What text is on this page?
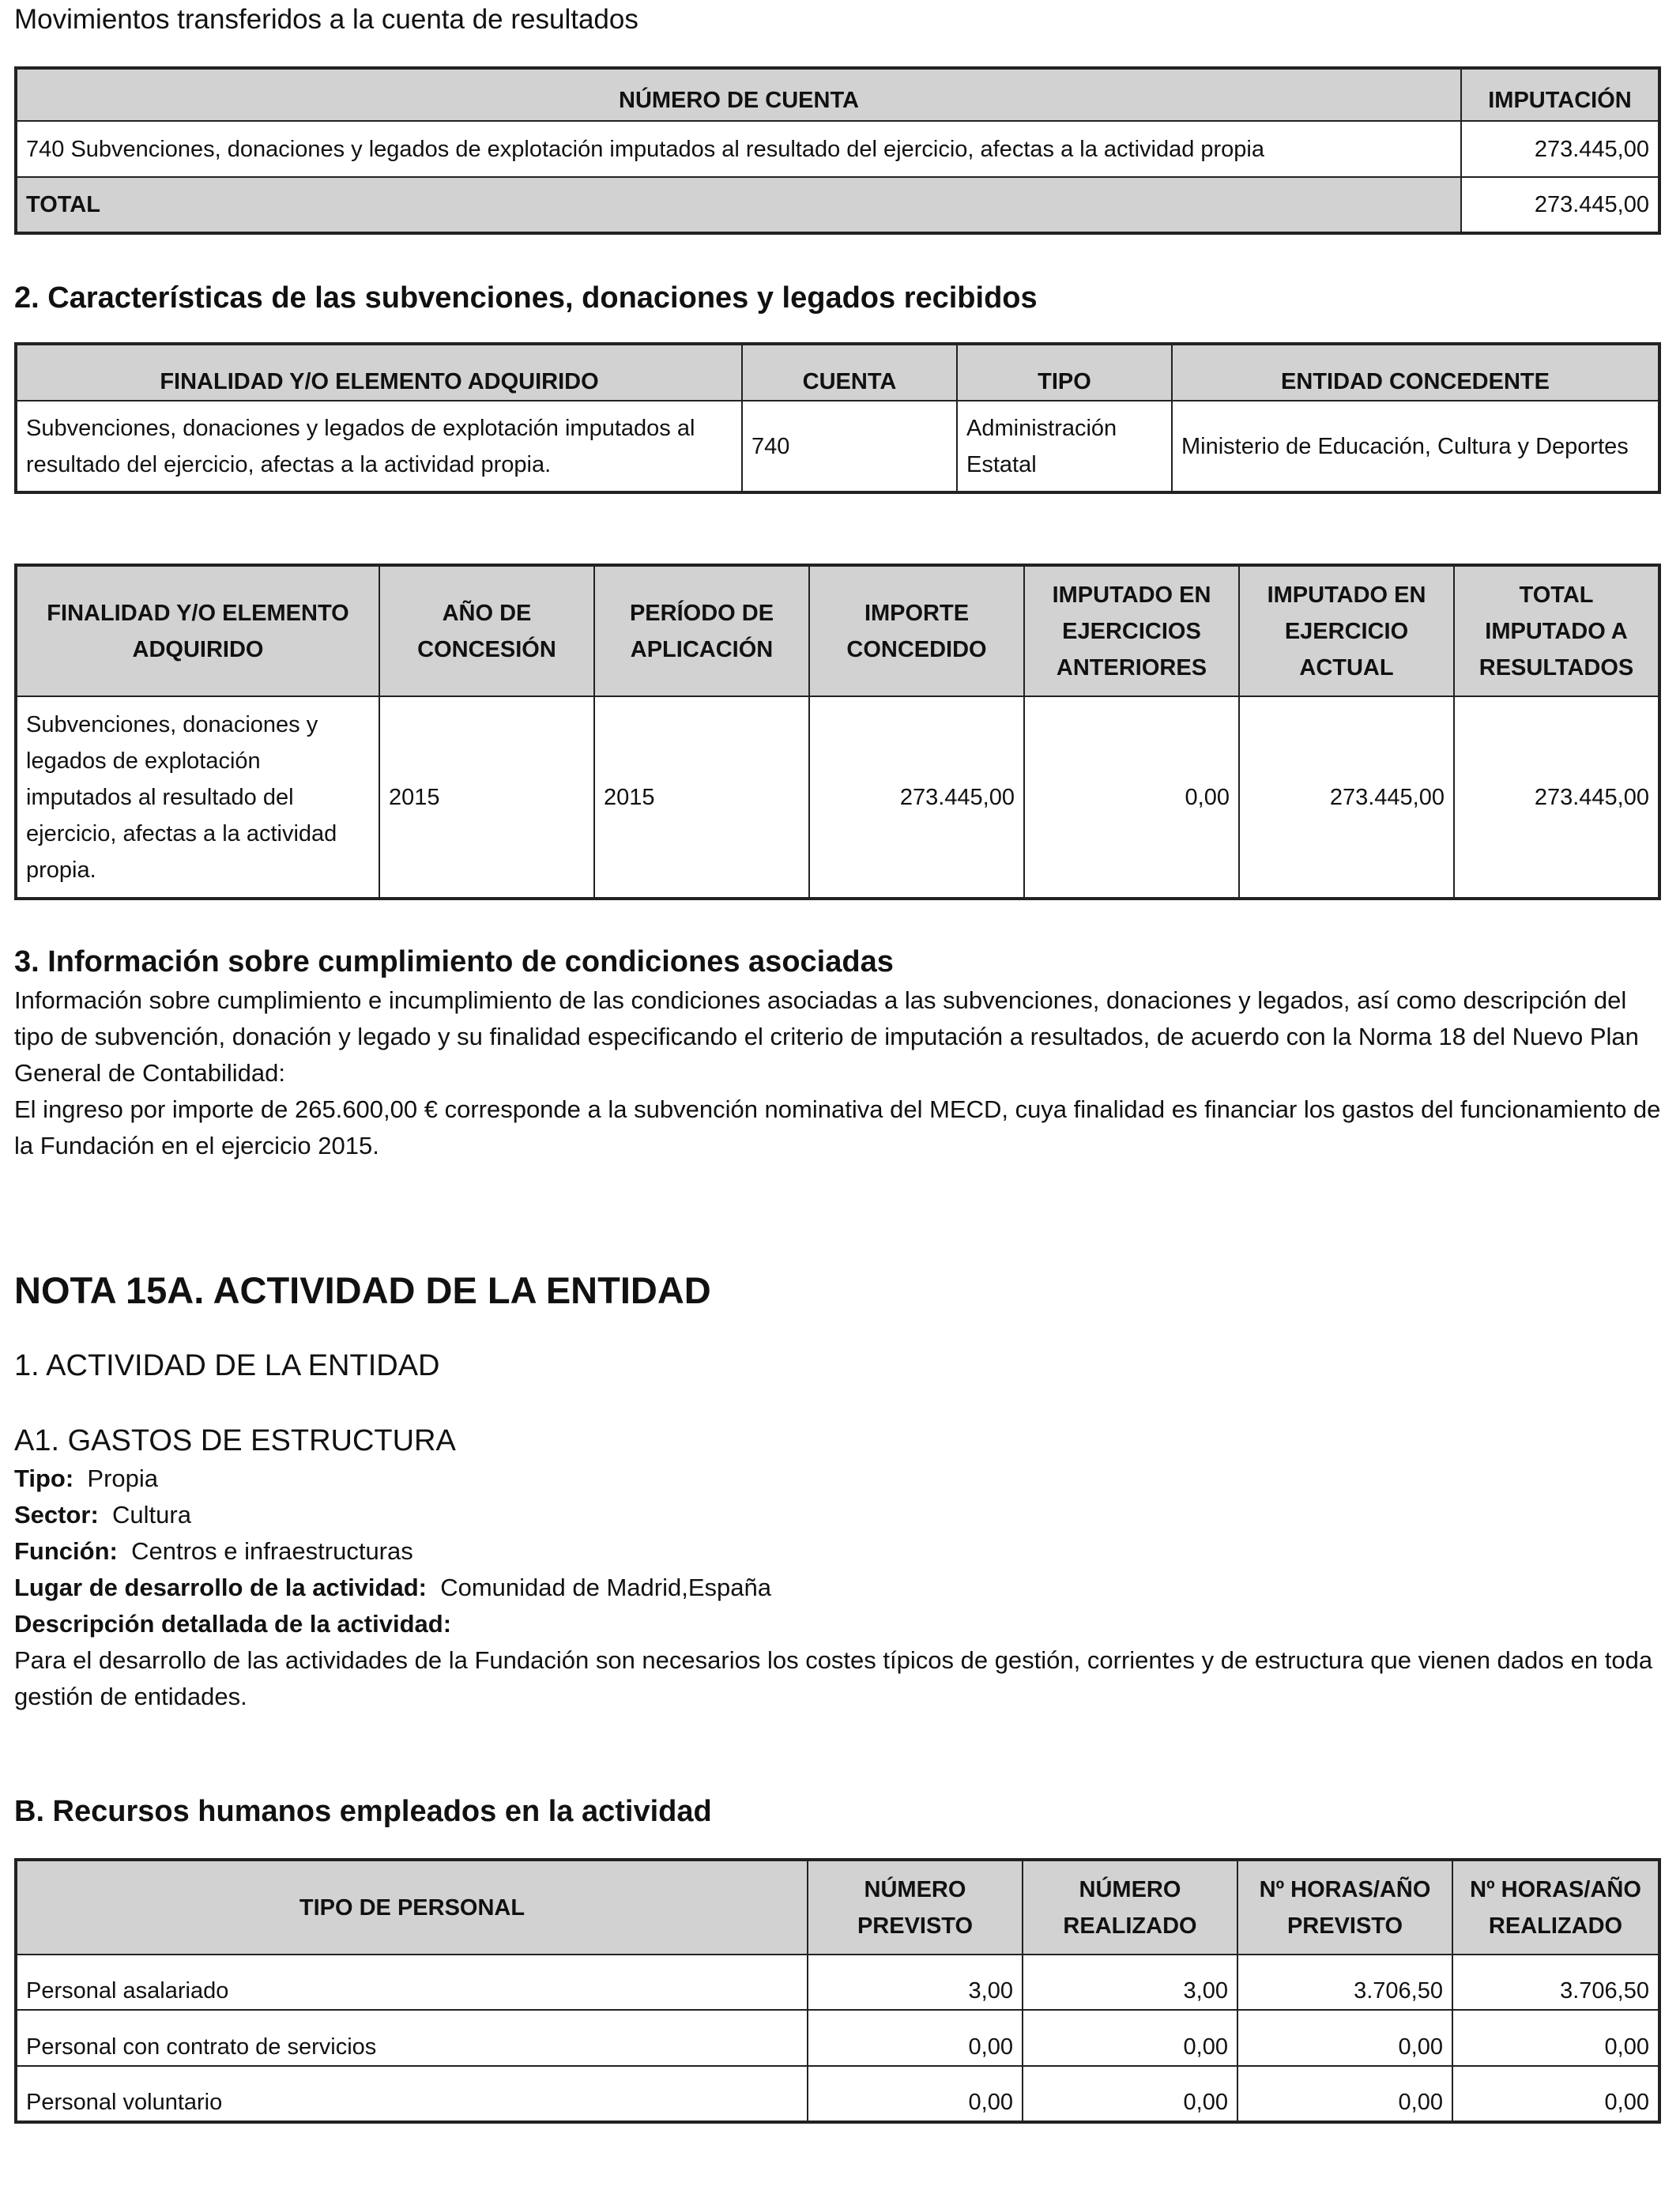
Movimientos transferidos a la cuenta de resultados
NÚMERO DE CUENTA	IMPUTACIÓN
740 Subvenciones, donaciones y legados de explotación imputados al resultado del ejercicio, afectas a la actividad propia	273.445,00
TOTAL	273.445,00
2. Características de las subvenciones, donaciones y legados recibidos
FINALIDAD Y/O ELEMENTO ADQUIRIDO	CUENTA	TIPO	ENTIDAD CONCEDENTE
Subvenciones, donaciones y legados de explotación imputados al resultado del ejercicio, afectas a la actividad propia.	740	Administración Estatal	Ministerio de Educación, Cultura y Deportes
FINALIDAD Y/O ELEMENTO ADQUIRIDO	AÑO DE CONCESIÓN	PERÍODO DE APLICACIÓN	IMPORTE CONCEDIDO	IMPUTADO EN EJERCICIOS ANTERIORES	IMPUTADO EN EJERCICIO ACTUAL	TOTAL IMPUTADO A RESULTADOS
Subvenciones, donaciones y legados de explotación imputados al resultado del ejercicio, afectas a la actividad propia.	2015	2015	273.445,00	0,00	273.445,00	273.445,00
3. Información sobre cumplimiento de condiciones asociadas
Información sobre cumplimiento e incumplimiento de las condiciones asociadas a las subvenciones, donaciones y legados, así como descripción del tipo de subvención, donación y legado y su finalidad especificando el criterio de imputación a resultados, de acuerdo con la Norma 18 del Nuevo Plan General de Contabilidad:
El ingreso por importe de 265.600,00 € corresponde a la subvención nominativa del MECD, cuya finalidad es financiar los gastos del funcionamiento de la Fundación en el ejercicio 2015.
NOTA 15A. ACTIVIDAD DE LA ENTIDAD
1. ACTIVIDAD DE LA ENTIDAD
A1. GASTOS DE ESTRUCTURA
Tipo: Propia
Sector: Cultura
Función: Centros e infraestructuras
Lugar de desarrollo de la actividad: Comunidad de Madrid,España
Descripción detallada de la actividad:
Para el desarrollo de las actividades de la Fundación son necesarios los costes típicos de gestión, corrientes y de estructura que vienen dados en toda gestión de entidades.
B. Recursos humanos empleados en la actividad
TIPO DE PERSONAL	NÚMERO PREVISTO	NÚMERO REALIZADO	Nº HORAS/AÑO PREVISTO	Nº HORAS/AÑO REALIZADO
Personal asalariado	3,00	3,00	3.706,50	3.706,50
Personal con contrato de servicios	0,00	0,00	0,00	0,00
Personal voluntario	0,00	0,00	0,00	0,00
